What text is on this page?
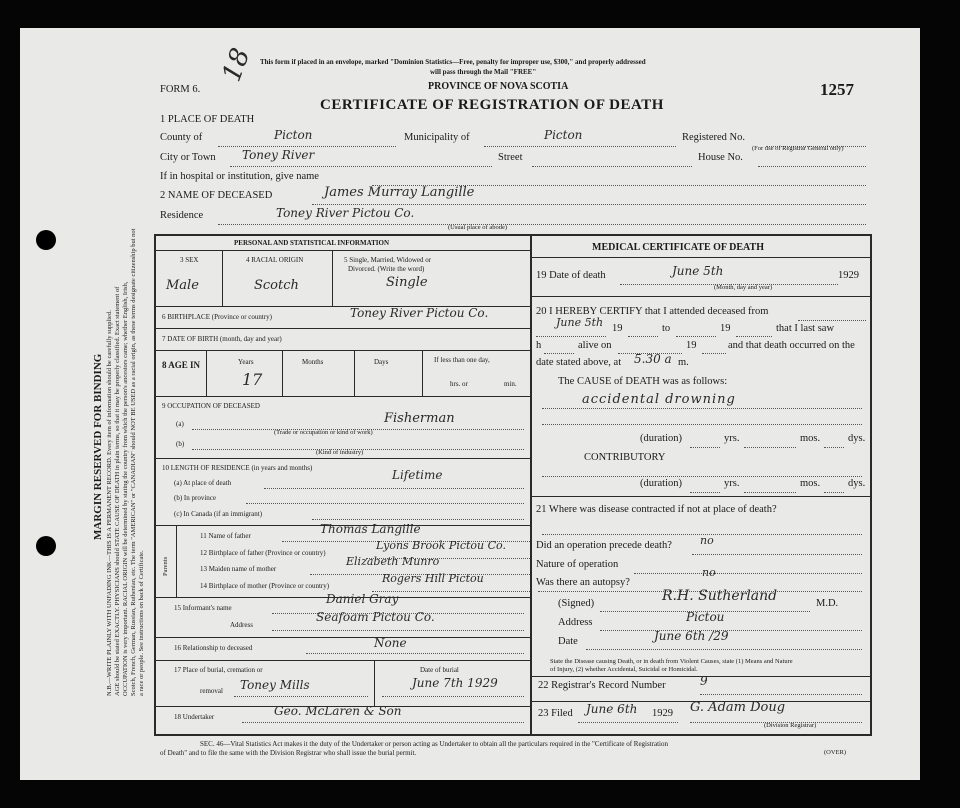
MARGIN RESERVED FOR BINDING N.B.—WRITE PLAINLY WITH UNFADING INK—THIS IS A PERMANENT RECORD. Every item of information should be carefully supplied. AGE should be stated EXACTLY. PHYSICIANS should STATE CAUSE OF DEATH in plain terms, so that it may be properly classified. Exact statement of OCCUPATION is very important. RACIAL ORIGIN will be determined by stating the country from which the person's ancestors came; whether English, Irish, Scotch, French, German, Russian, Ruthenian, etc. The term "AMERICAN" or "CANADIAN" should NOT BE USED as a racial origin, as these terms designate citizenship but not a race or people. See instructions on back of Certificate.
FORM 6.
18 This form if placed in an envelope, marked "Dominion Statistics—Free, penalty for improper use, $300," and properly addressed
will pass through the Mail "FREE"
PROVINCE OF NOVA SCOTIA
CERTIFICATE OF REGISTRATION OF DEATH
1257
1 PLACE OF DEATH
County of	Picton	Municipality of	Picton	Registered No.
(For use of Registrar General only)
City or Town Toney River	Street	House No.
If in hospital or institution, give name
2 NAME OF DECEASED	James Murray Langille
Residence	Toney River Pictou Co.
(Usual place of abode)
PERSONAL AND STATISTICAL INFORMATION
3 SEX	4 RACIAL ORIGIN	5 Single, Married, Widowed or
Divorced. (Write the word)
Male	Scotch	Single
6 BIRTHPLACE (Province or country)	Toney River Pictou Co.
7 DATE OF BIRTH (month, day and year)
8 AGE IN	Years
17
Months	Days	If less than one day,
hrs. or	min.
9 OCCUPATION OF DECEASED
(a)	Fisherman
(Trade or occupation or kind of work)
(b)
(Kind of industry)
10 LENGTH OF RESIDENCE (in years and months)
(a) At place of death
Lifetime
(b) In province
(c) In Canada (if an immigrant)
Parents
11 Name of father	Thomas Langille
12 Birthplace of father (Province or country)
Lyons Brook Pictou Co.
13 Maiden name of mother
Elizabeth Munro
14 Birthplace of mother (Province or country)
Rogers Hill Pictou
15 Informant's name
Daniel Gray
Address
Seafoam Pictou Co.
16 Relationship to deceased	None
17 Place of burial, cremation or
removal
Date of burial
Toney Mills	June 7th 1929
18 Undertaker	Geo. McLaren & Son
MEDICAL CERTIFICATE OF DEATH
19 Date of death	June 5th	1929
(Month, day and year)
20 I HEREBY CERTIFY that I attended deceased from
June 5th 19	to	19	that I last saw
h	alive on	19	and that death occurred on the
date stated above, at 5.30 a m.
The CAUSE of DEATH was as follows:
accidental drowning
(duration)	yrs.	mos.	dys.
CONTRIBUTORY
(duration)	yrs.	mos.	dys.
21 Where was disease contracted if not at place of death?
Did an operation precede death?	no
Nature of operation
Was there an autopsy?
no
(Signed)	R.H. Sutherland	M.D.
Address	Pictou
Date	June 6th /29
State the Disease causing Death, or in death from Violent Causes, state (1) Means and Nature
of Injury, (2) whether Accidental, Suicidal or Homicidal.
22 Registrar's Record Number	9
23 Filed June 6th 1929 G. Adam Doug
(Division Registrar)
SEC. 46—Vital Statistics Act makes it the duty of the Undertaker or person acting as Undertaker to obtain all the particulars required in the "Certificate of Registration
of Death" and to file the same with the Division Registrar who shall issue the burial permit.	(OVER)
